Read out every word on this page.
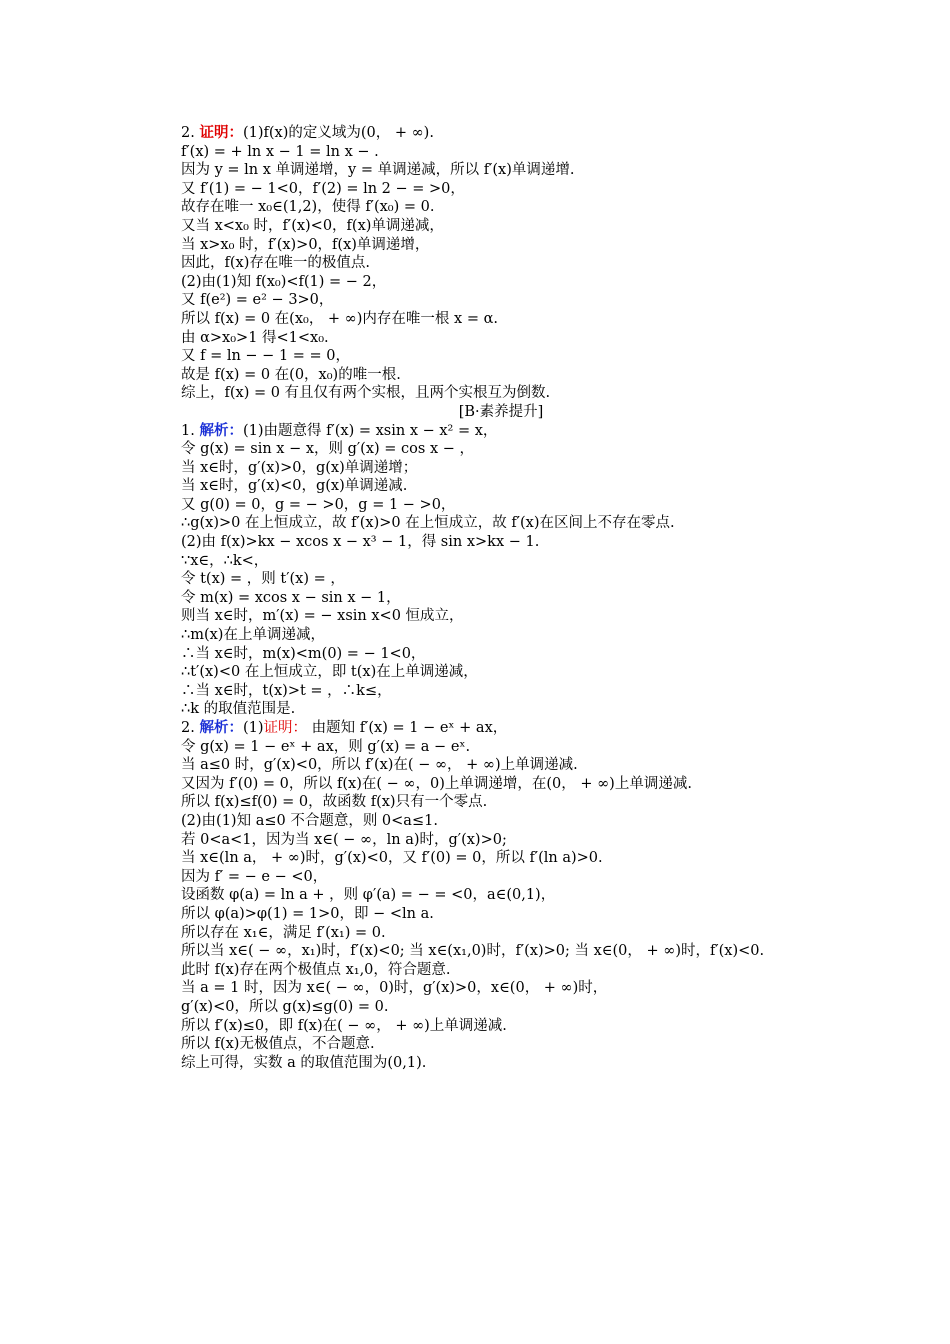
2. 证明：(1)f(x)的定义域为(0， + ∞).
f′(x) = + ln x − 1 = ln x − .
因为 y = ln x 单调递增，y = 单调递减，所以 f′(x)单调递增.
又 f′(1) = − 1<0，f′(2) = ln 2 − = >0，
故存在唯一 x₀∈(1,2)，使得 f′(x₀) = 0.
又当 x<x₀ 时，f′(x)<0，f(x)单调递减，
当 x>x₀ 时，f′(x)>0，f(x)单调递增，
因此，f(x)存在唯一的极值点.
(2)由(1)知 f(x₀)<f(1) = − 2，
又 f(e²) = e² − 3>0，
所以 f(x) = 0 在(x₀， + ∞)内存在唯一根 x = α.
由 α>x₀>1 得<1<x₀.
又 f = ln − − 1 = = 0，
故是 f(x) = 0 在(0，x₀)的唯一根.
综上，f(x) = 0 有且仅有两个实根，且两个实根互为倒数.
[B·素养提升]
1. 解析：(1)由题意得 f′(x) = xsin x − x² = x，
令 g(x) = sin x − x，则 g′(x) = cos x − ，
当 x∈时，g′(x)>0，g(x)单调递增；
当 x∈时，g′(x)<0，g(x)单调递减.
又 g(0) = 0，g = − >0，g = 1 − >0，
∴g(x)>0 在上恒成立，故 f′(x)>0 在上恒成立，故 f′(x)在区间上不存在零点.
(2)由 f(x)>kx − xcos x − x³ − 1，得 sin x>kx − 1.
∵x∈，∴k<，
令 t(x) = ，则 t′(x) = ，
令 m(x) = xcos x − sin x − 1，
则当 x∈时，m′(x) = − xsin x<0 恒成立，
∴m(x)在上单调递减，
∴当 x∈时，m(x)<m(0) = − 1<0，
∴t′(x)<0 在上恒成立，即 t(x)在上单调递减，
∴当 x∈时，t(x)>t = ，∴k≤，
∴k 的取值范围是.
2. 解析：(1)证明： 由题知 f′(x) = 1 − eˣ + ax，
令 g(x) = 1 − eˣ + ax，则 g′(x) = a − eˣ.
当 a≤0 时，g′(x)<0，所以 f′(x)在( − ∞， + ∞)上单调递减.
又因为 f′(0) = 0，所以 f(x)在( − ∞，0)上单调递增，在(0， + ∞)上单调递减.
所以 f(x)≤f(0) = 0，故函数 f(x)只有一个零点.
(2)由(1)知 a≤0 不合题意，则 0<a≤1.
若 0<a<1，因为当 x∈( − ∞，ln a)时，g′(x)>0;
当 x∈(ln a， + ∞)时，g′(x)<0，又 f′(0) = 0，所以 f′(ln a)>0.
因为 f′ = − e − <0，
设函数 φ(a) = ln a + ，则 φ′(a) = − = <0，a∈(0,1)，
所以 φ(a)>φ(1) = 1>0，即 − <ln a.
所以存在 x₁∈，满足 f′(x₁) = 0.
所以当 x∈( − ∞，x₁)时，f′(x)<0; 当 x∈(x₁,0)时，f′(x)>0; 当 x∈(0， + ∞)时，f′(x)<0.
此时 f(x)存在两个极值点 x₁,0，符合题意.
当 a = 1 时，因为 x∈( − ∞，0)时，g′(x)>0，x∈(0， + ∞)时，
g′(x)<0，所以 g(x)≤g(0) = 0.
所以 f′(x)≤0，即 f(x)在( − ∞， + ∞)上单调递减.
所以 f(x)无极值点，不合题意.
综上可得，实数 a 的取值范围为(0,1).
